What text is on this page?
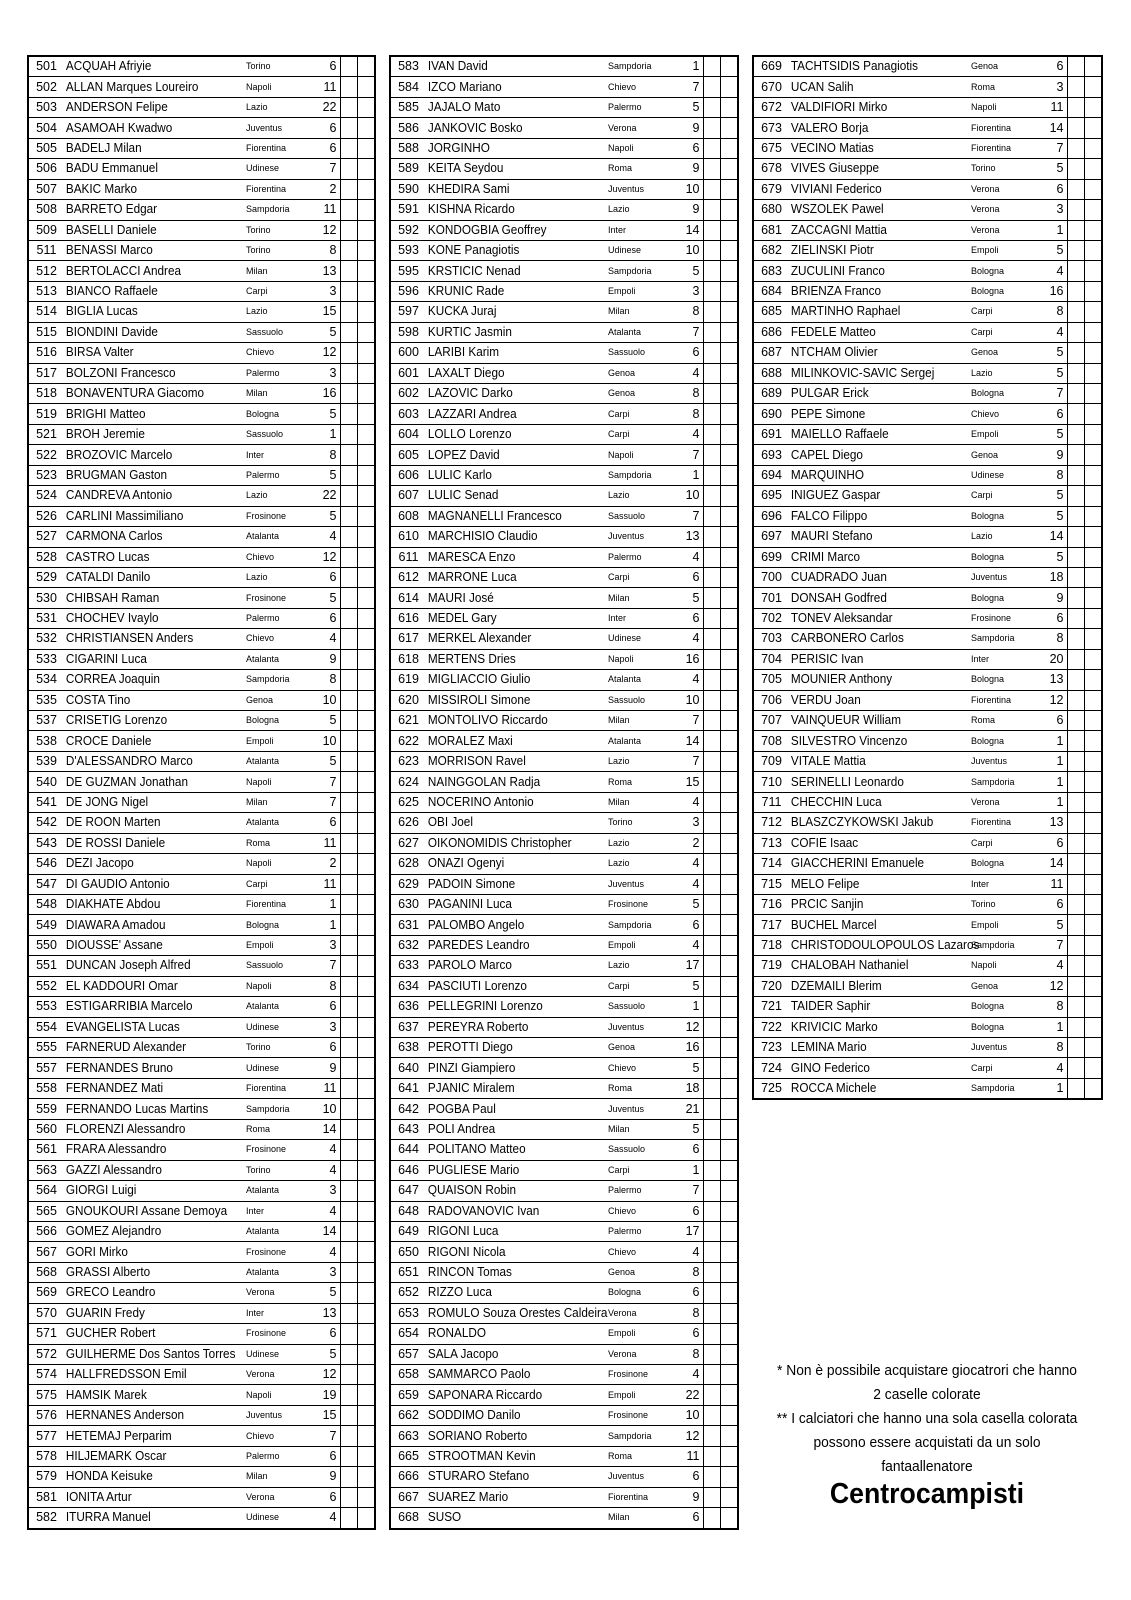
501	ACQUAH Afriyie	Torino	6		
502	ALLAN Marques Loureiro	Napoli	11		
503	ANDERSON Felipe	Lazio	22		
504	ASAMOAH Kwadwo	Juventus	6		
505	BADELJ Milan	Fiorentina	6		
506	BADU Emmanuel	Udinese	7		
507	BAKIC Marko	Fiorentina	2		
508	BARRETO Edgar	Sampdoria	11		
509	BASELLI Daniele	Torino	12		
511	BENASSI Marco	Torino	8		
512	BERTOLACCI Andrea	Milan	13		
513	BIANCO Raffaele	Carpi	3		
514	BIGLIA Lucas	Lazio	15		
515	BIONDINI Davide	Sassuolo	5		
516	BIRSA Valter	Chievo	12		
517	BOLZONI Francesco	Palermo	3		
518	BONAVENTURA Giacomo	Milan	16		
519	BRIGHI Matteo	Bologna	5		
521	BROH Jeremie	Sassuolo	1		
522	BROZOVIC Marcelo	Inter	8		
523	BRUGMAN Gaston	Palermo	5		
524	CANDREVA Antonio	Lazio	22		
526	CARLINI Massimiliano	Frosinone	5		
527	CARMONA Carlos	Atalanta	4		
528	CASTRO Lucas	Chievo	12		
529	CATALDI Danilo	Lazio	6		
530	CHIBSAH Raman	Frosinone	5		
531	CHOCHEV Ivaylo	Palermo	6		
532	CHRISTIANSEN Anders	Chievo	4		
533	CIGARINI Luca	Atalanta	9		
534	CORREA Joaquin	Sampdoria	8		
535	COSTA Tino	Genoa	10		
537	CRISETIG Lorenzo	Bologna	5		
538	CROCE Daniele	Empoli	10		
539	D'ALESSANDRO Marco	Atalanta	5		
540	DE GUZMAN Jonathan	Napoli	7		
541	DE JONG Nigel	Milan	7		
542	DE ROON Marten	Atalanta	6		
543	DE ROSSI Daniele	Roma	11		
546	DEZI Jacopo	Napoli	2		
547	DI GAUDIO Antonio	Carpi	11		
548	DIAKHATE Abdou	Fiorentina	1		
549	DIAWARA Amadou	Bologna	1		
550	DIOUSSE' Assane	Empoli	3		
551	DUNCAN Joseph Alfred	Sassuolo	7		
552	EL KADDOURI Omar	Napoli	8		
553	ESTIGARRIBIA Marcelo	Atalanta	6		
554	EVANGELISTA Lucas	Udinese	3		
555	FARNERUD Alexander	Torino	6		
557	FERNANDES Bruno	Udinese	9		
558	FERNANDEZ Mati	Fiorentina	11		
559	FERNANDO Lucas Martins	Sampdoria	10		
560	FLORENZI Alessandro	Roma	14		
561	FRARA Alessandro	Frosinone	4		
563	GAZZI Alessandro	Torino	4		
564	GIORGI Luigi	Atalanta	3		
565	GNOUKOURI Assane Demoya	Inter	4		
566	GOMEZ Alejandro	Atalanta	14		
567	GORI Mirko	Frosinone	4		
568	GRASSI Alberto	Atalanta	3		
569	GRECO Leandro	Verona	5		
570	GUARIN Fredy	Inter	13		
571	GUCHER Robert	Frosinone	6		
572	GUILHERME Dos Santos Torres	Udinese	5		
574	HALLFREDSSON Emil	Verona	12		
575	HAMSIK Marek	Napoli	19		
576	HERNANES Anderson	Juventus	15		
577	HETEMAJ Perparim	Chievo	7		
578	HILJEMARK Oscar	Palermo	6		
579	HONDA Keisuke	Milan	9		
581	IONITA Artur	Verona	6		
582	ITURRA Manuel	Udinese	4		
583	IVAN David	Sampdoria	1		
584	IZCO Mariano	Chievo	7		
585	JAJALO Mato	Palermo	5		
586	JANKOVIC Bosko	Verona	9		
588	JORGINHO	Napoli	6		
589	KEITA Seydou	Roma	9		
590	KHEDIRA Sami	Juventus	10		
591	KISHNA Ricardo	Lazio	9		
592	KONDOGBIA Geoffrey	Inter	14		
593	KONE Panagiotis	Udinese	10		
595	KRSTICIC Nenad	Sampdoria	5		
596	KRUNIC Rade	Empoli	3		
597	KUCKA Juraj	Milan	8		
598	KURTIC Jasmin	Atalanta	7		
600	LARIBI Karim	Sassuolo	6		
601	LAXALT Diego	Genoa	4		
602	LAZOVIC Darko	Genoa	8		
603	LAZZARI Andrea	Carpi	8		
604	LOLLO Lorenzo	Carpi	4		
605	LOPEZ David	Napoli	7		
606	LULIC Karlo	Sampdoria	1		
607	LULIC Senad	Lazio	10		
608	MAGNANELLI Francesco	Sassuolo	7		
610	MARCHISIO Claudio	Juventus	13		
611	MARESCA Enzo	Palermo	4		
612	MARRONE Luca	Carpi	6		
614	MAURI José	Milan	5		
616	MEDEL Gary	Inter	6		
617	MERKEL Alexander	Udinese	4		
618	MERTENS Dries	Napoli	16		
619	MIGLIACCIO Giulio	Atalanta	4		
620	MISSIROLI Simone	Sassuolo	10		
621	MONTOLIVO Riccardo	Milan	7		
622	MORALEZ Maxi	Atalanta	14		
623	MORRISON Ravel	Lazio	7		
624	NAINGGOLAN Radja	Roma	15		
625	NOCERINO Antonio	Milan	4		
626	OBI Joel	Torino	3		
627	OIKONOMIDIS Christopher	Lazio	2		
628	ONAZI Ogenyi	Lazio	4		
629	PADOIN Simone	Juventus	4		
630	PAGANINI Luca	Frosinone	5		
631	PALOMBO Angelo	Sampdoria	6		
632	PAREDES Leandro	Empoli	4		
633	PAROLO Marco	Lazio	17		
634	PASCIUTI Lorenzo	Carpi	5		
636	PELLEGRINI Lorenzo	Sassuolo	1		
637	PEREYRA Roberto	Juventus	12		
638	PEROTTI Diego	Genoa	16		
640	PINZI Giampiero	Chievo	5		
641	PJANIC Miralem	Roma	18		
642	POGBA Paul	Juventus	21		
643	POLI Andrea	Milan	5		
644	POLITANO Matteo	Sassuolo	6		
646	PUGLIESE Mario	Carpi	1		
647	QUAISON Robin	Palermo	7		
648	RADOVANOVIC Ivan	Chievo	6		
649	RIGONI Luca	Palermo	17		
650	RIGONI Nicola	Chievo	4		
651	RINCON Tomas	Genoa	8		
652	RIZZO Luca	Bologna	6		
653	ROMULO Souza Orestes Caldeira	Verona	8		
654	RONALDO	Empoli	6		
657	SALA Jacopo	Verona	8		
658	SAMMARCO Paolo	Frosinone	4		
659	SAPONARA Riccardo	Empoli	22		
662	SODDIMO Danilo	Frosinone	10		
663	SORIANO Roberto	Sampdoria	12		
665	STROOTMAN Kevin	Roma	11		
666	STURARO Stefano	Juventus	6		
667	SUAREZ Mario	Fiorentina	9		
668	SUSO	Milan	6		
669	TACHTSIDIS Panagiotis	Genoa	6		
670	UCAN Salih	Roma	3		
672	VALDIFIORI Mirko	Napoli	11		
673	VALERO Borja	Fiorentina	14		
675	VECINO Matias	Fiorentina	7		
678	VIVES Giuseppe	Torino	5		
679	VIVIANI Federico	Verona	6		
680	WSZOLEK Pawel	Verona	3		
681	ZACCAGNI Mattia	Verona	1		
682	ZIELINSKI Piotr	Empoli	5		
683	ZUCULINI Franco	Bologna	4		
684	BRIENZA Franco	Bologna	16		
685	MARTINHO Raphael	Carpi	8		
686	FEDELE Matteo	Carpi	4		
687	NTCHAM Olivier	Genoa	5		
688	MILINKOVIC-SAVIC Sergej	Lazio	5		
689	PULGAR Erick	Bologna	7		
690	PEPE Simone	Chievo	6		
691	MAIELLO Raffaele	Empoli	5		
693	CAPEL Diego	Genoa	9		
694	MARQUINHO	Udinese	8		
695	INIGUEZ Gaspar	Carpi	5		
696	FALCO Filippo	Bologna	5		
697	MAURI Stefano	Lazio	14		
699	CRIMI Marco	Bologna	5		
700	CUADRADO Juan	Juventus	18		
701	DONSAH Godfred	Bologna	9		
702	TONEV Aleksandar	Frosinone	6		
703	CARBONERO Carlos	Sampdoria	8		
704	PERISIC Ivan	Inter	20		
705	MOUNIER Anthony	Bologna	13		
706	VERDU Joan	Fiorentina	12		
707	VAINQUEUR William	Roma	6		
708	SILVESTRO Vincenzo	Bologna	1		
709	VITALE Mattia	Juventus	1		
710	SERINELLI Leonardo	Sampdoria	1		
711	CHECCHIN Luca	Verona	1		
712	BLASZCZYKOWSKI Jakub	Fiorentina	13		
713	COFIE Isaac	Carpi	6		
714	GIACCHERINI Emanuele	Bologna	14		
715	MELO Felipe	Inter	11		
716	PRCIC Sanjin	Torino	6		
717	BUCHEL Marcel	Empoli	5		
718	CHRISTODOULOPOULOS Lazaros	Sampdoria	7		
719	CHALOBAH Nathaniel	Napoli	4		
720	DZEMAILI Blerim	Genoa	12		
721	TAIDER Saphir	Bologna	8		
722	KRIVICIC Marko	Bologna	1		
723	LEMINA Mario	Juventus	8		
724	GINO Federico	Carpi	4		
725	ROCCA Michele	Sampdoria	1		

* Non è possibile acquistare giocatrori che hanno

2 caselle colorate

** I calciatori che hanno una sola casella colorata

possono essere acquistati da un solo

fantaallenatore

Centrocampisti
